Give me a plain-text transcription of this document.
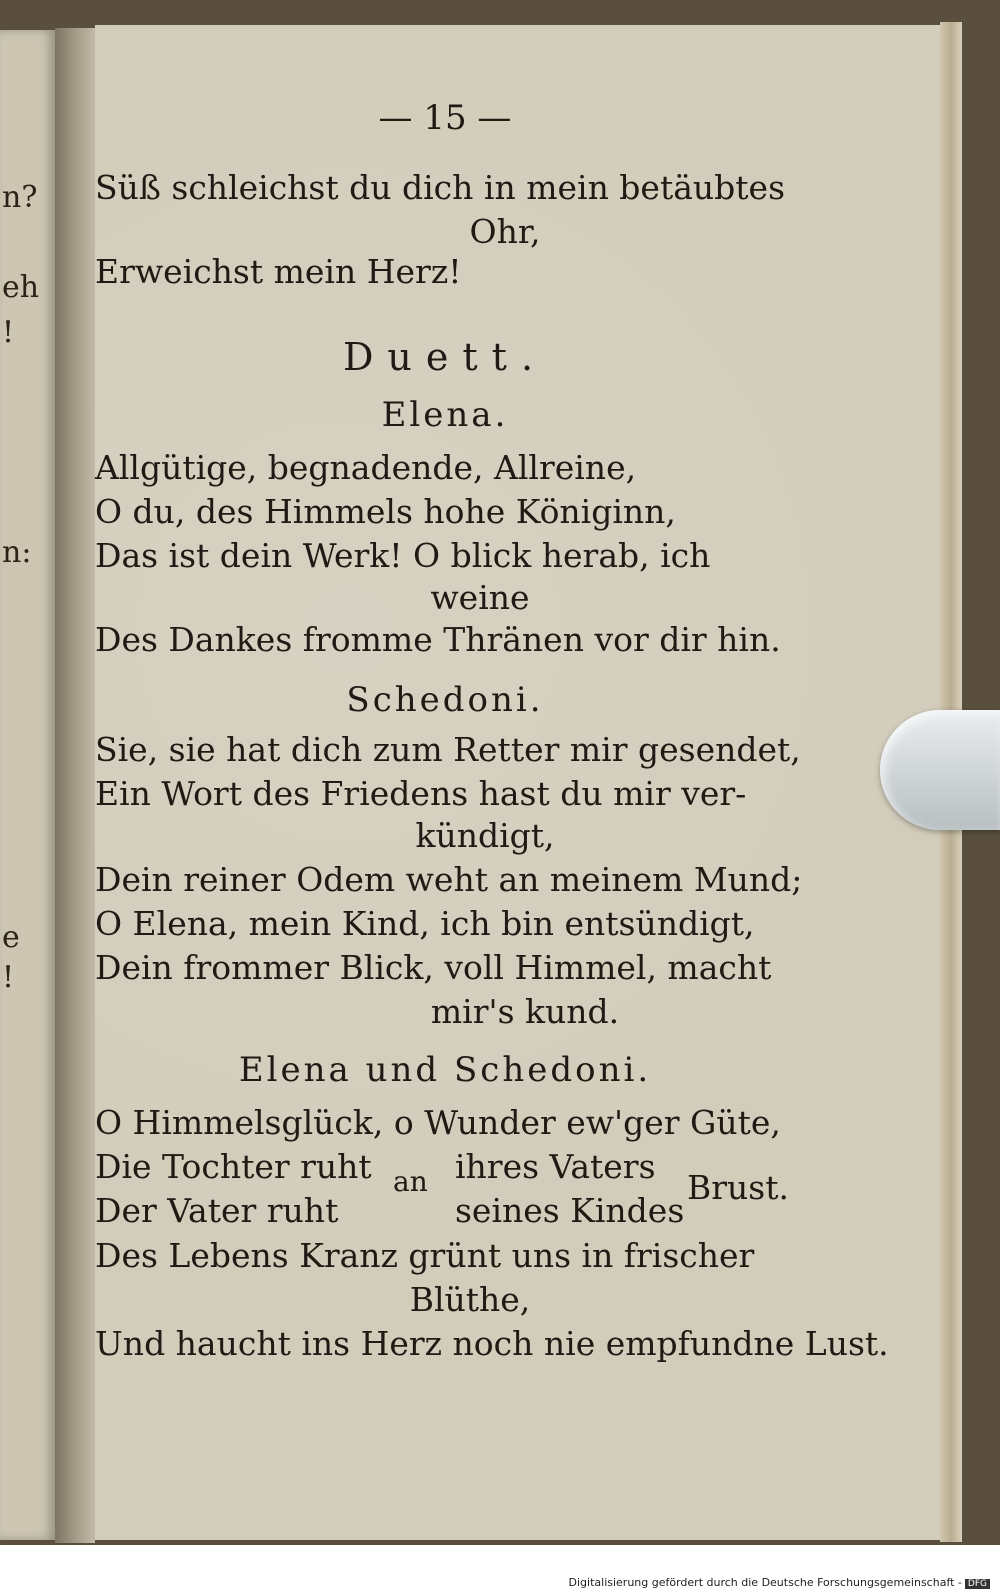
n?
eh
!
n:
e
!
— 15 —
Süß schleichst du dich in mein betäubtes
Ohr,
Erweichst mein Herz!
Duett.
Elena.
Allgütige, begnadende, Allreine,
O du, des Himmels hohe Königinn,
Das ist dein Werk! O blick herab, ich
weine
Des Dankes fromme Thränen vor dir hin.
Schedoni.
Sie, sie hat dich zum Retter mir gesendet,
Ein Wort des Friedens hast du mir ver-
kündigt,
Dein reiner Odem weht an meinem Mund;
O Elena, mein Kind, ich bin entsündigt,
Dein frommer Blick, voll Himmel, macht
mir's kund.
Elena und Schedoni.
O Himmelsglück, o Wunder ew'ger Güte,
Die Tochter ruht
Der Vater ruht
an ihres Vaters
seines Kindes
Brust.
Des Lebens Kranz grünt uns in frischer
Blüthe,
Und haucht ins Herz noch nie empfundne Lust.
Digitalisierung gefördert durch die Deutsche Forschungsgemeinschaft - DFG
